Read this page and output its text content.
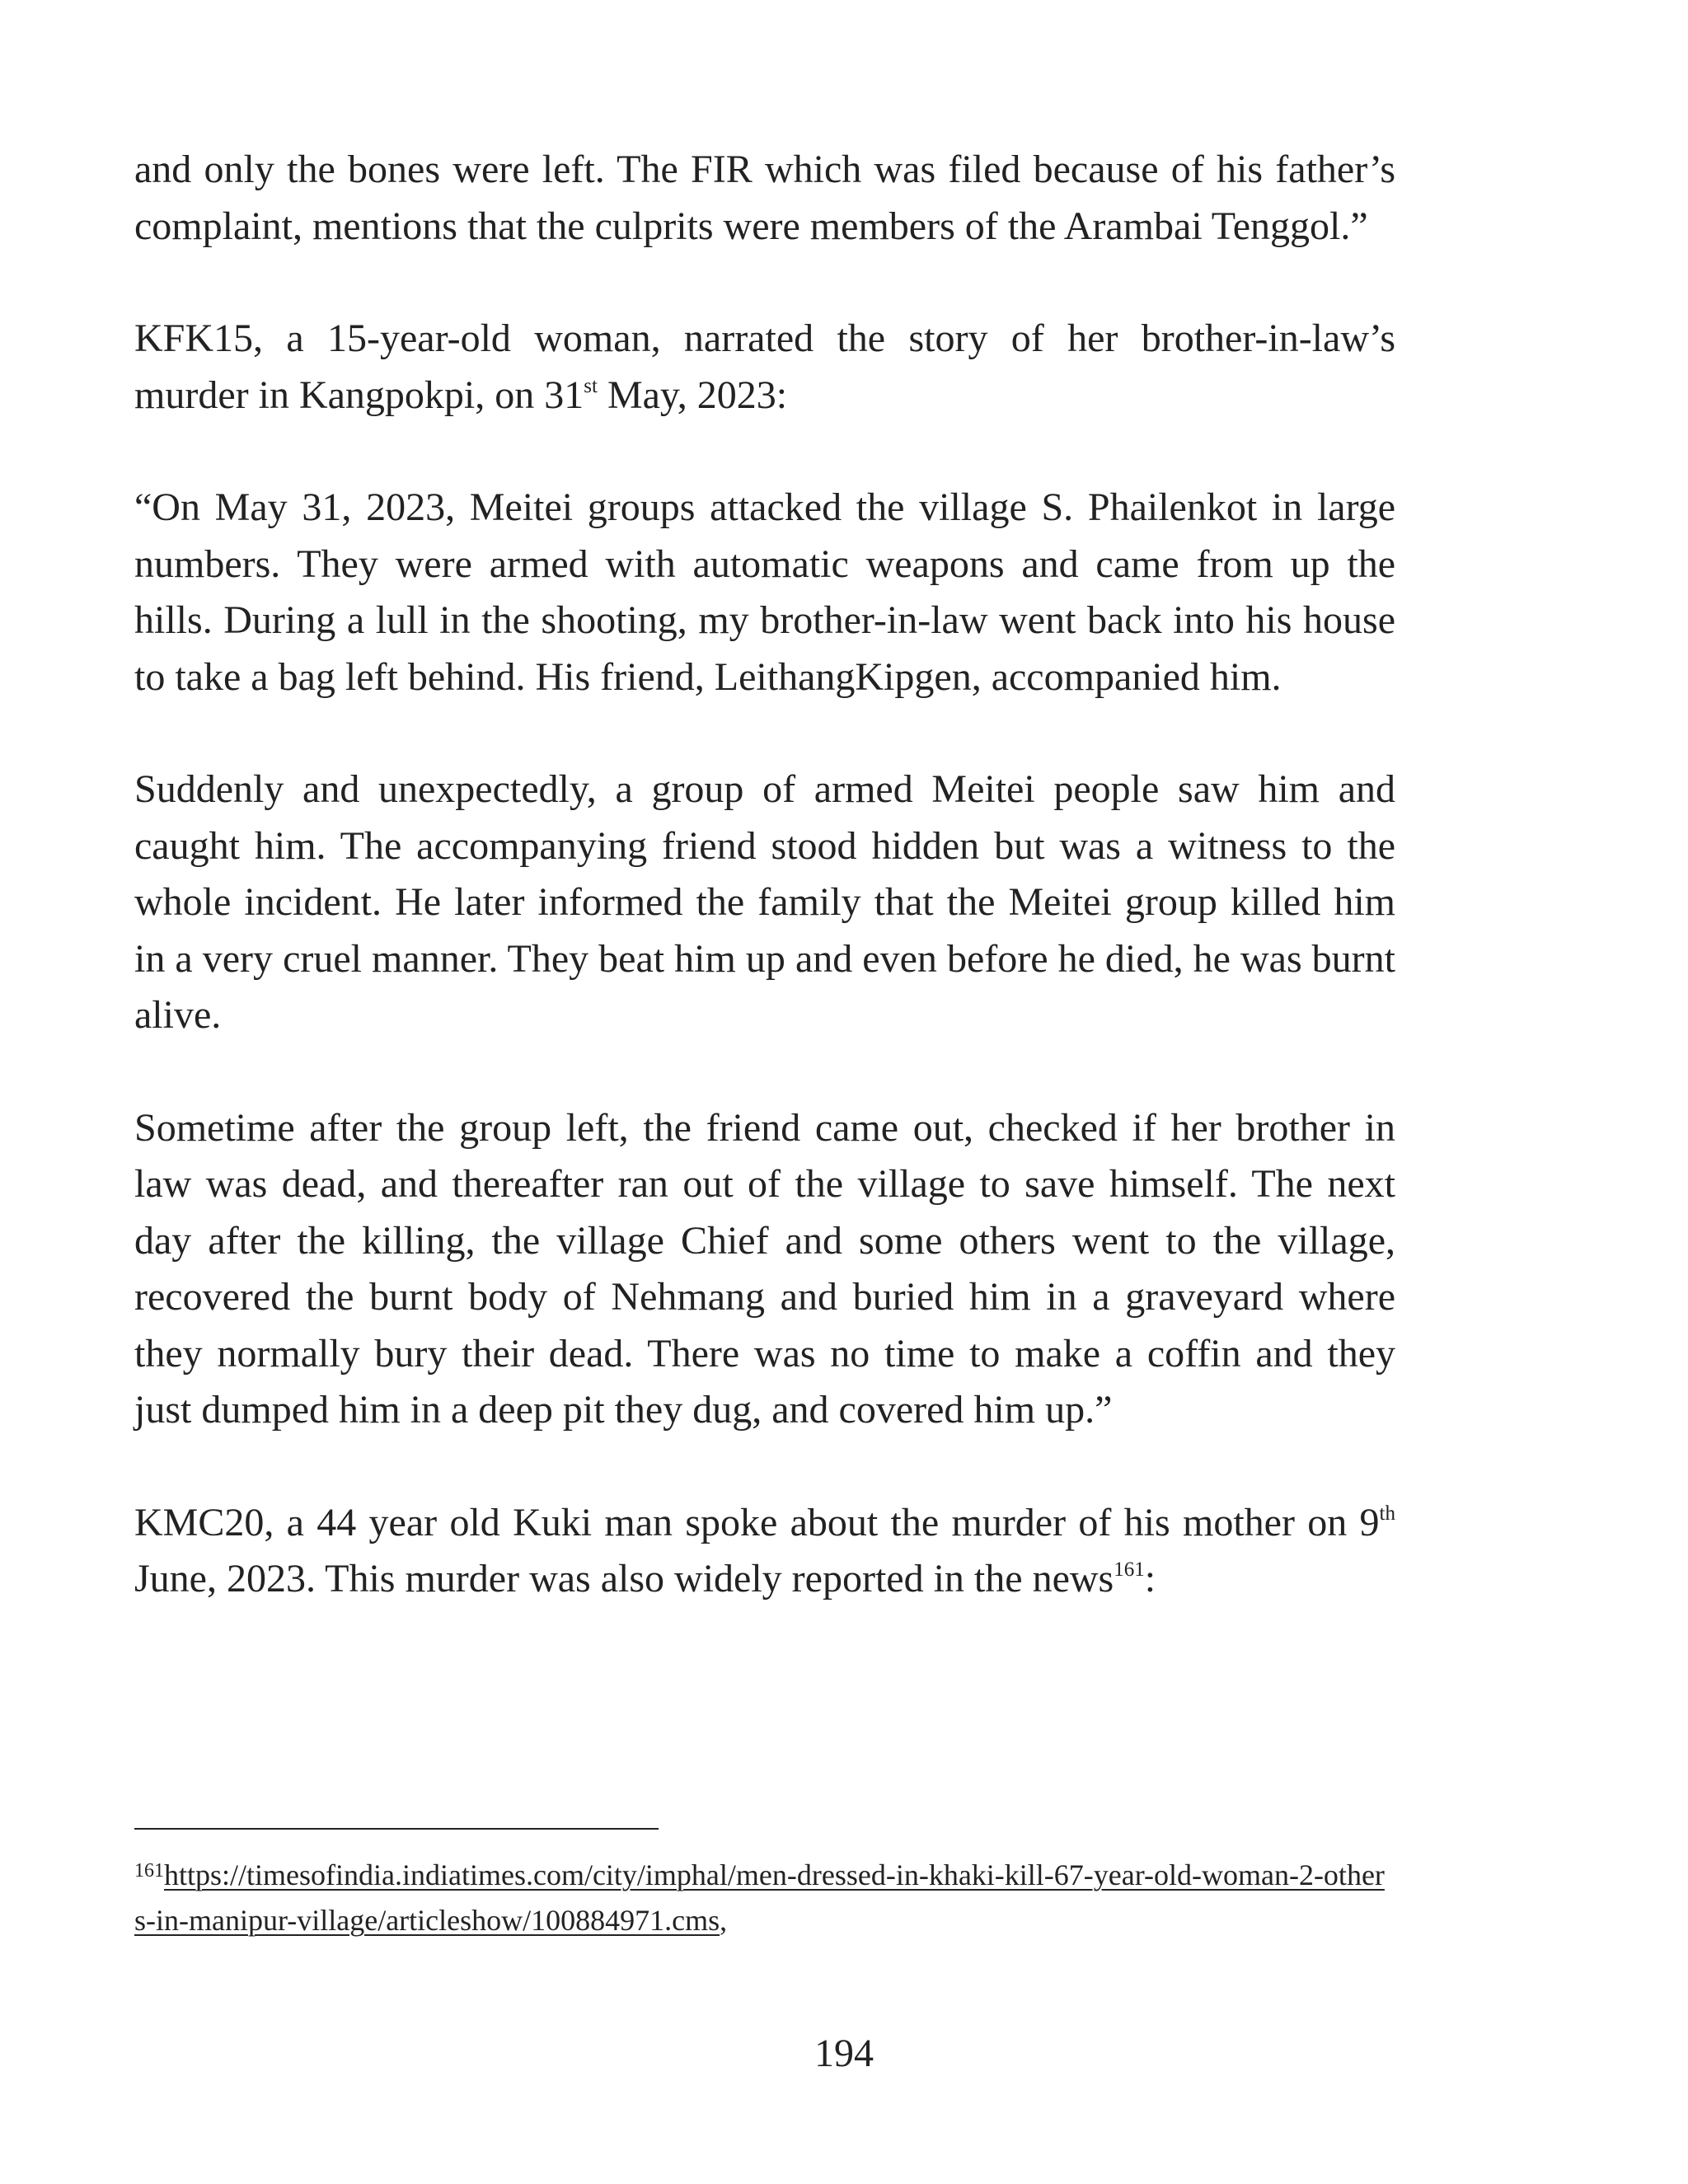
and only the bones were left. The FIR which was filed because of his father’s complaint, mentions that the culprits were members of the Arambai Tenggol.”

KFK15, a 15-year-old woman, narrated the story of her brother-in-law’s murder in Kangpokpi, on 31st May, 2023:

“On May 31, 2023, Meitei groups attacked the village S. Phailenkot in large numbers. They were armed with automatic weapons and came from up the hills. During a lull in the shooting, my brother-in-law went back into his house to take a bag left behind. His friend, LeithangKipgen, accompanied him.

Suddenly and unexpectedly, a group of armed Meitei people saw him and caught him. The accompanying friend stood hidden but was a witness to the whole incident. He later informed the family that the Meitei group killed him in a very cruel manner. They beat him up and even before he died, he was burnt alive.

Sometime after the group left, the friend came out, checked if her brother in law was dead, and thereafter ran out of the village to save himself. The next day after the killing, the village Chief and some others went to the village, recovered the burnt body of Nehmang and buried him in a graveyard where they normally bury their dead. There was no time to make a coffin and they just dumped him in a deep pit they dug, and covered him up.”

KMC20, a 44 year old Kuki man spoke about the murder of his mother on 9th June, 2023. This murder was also widely reported in the news$^{161}$:

$^{161}$https://timesofindia.indiatimes.com/city/imphal/men-dressed-in-khaki-kill-67-year-old-woman-2-others-in-manipur-village/articleshow/100884971.cms,
194
